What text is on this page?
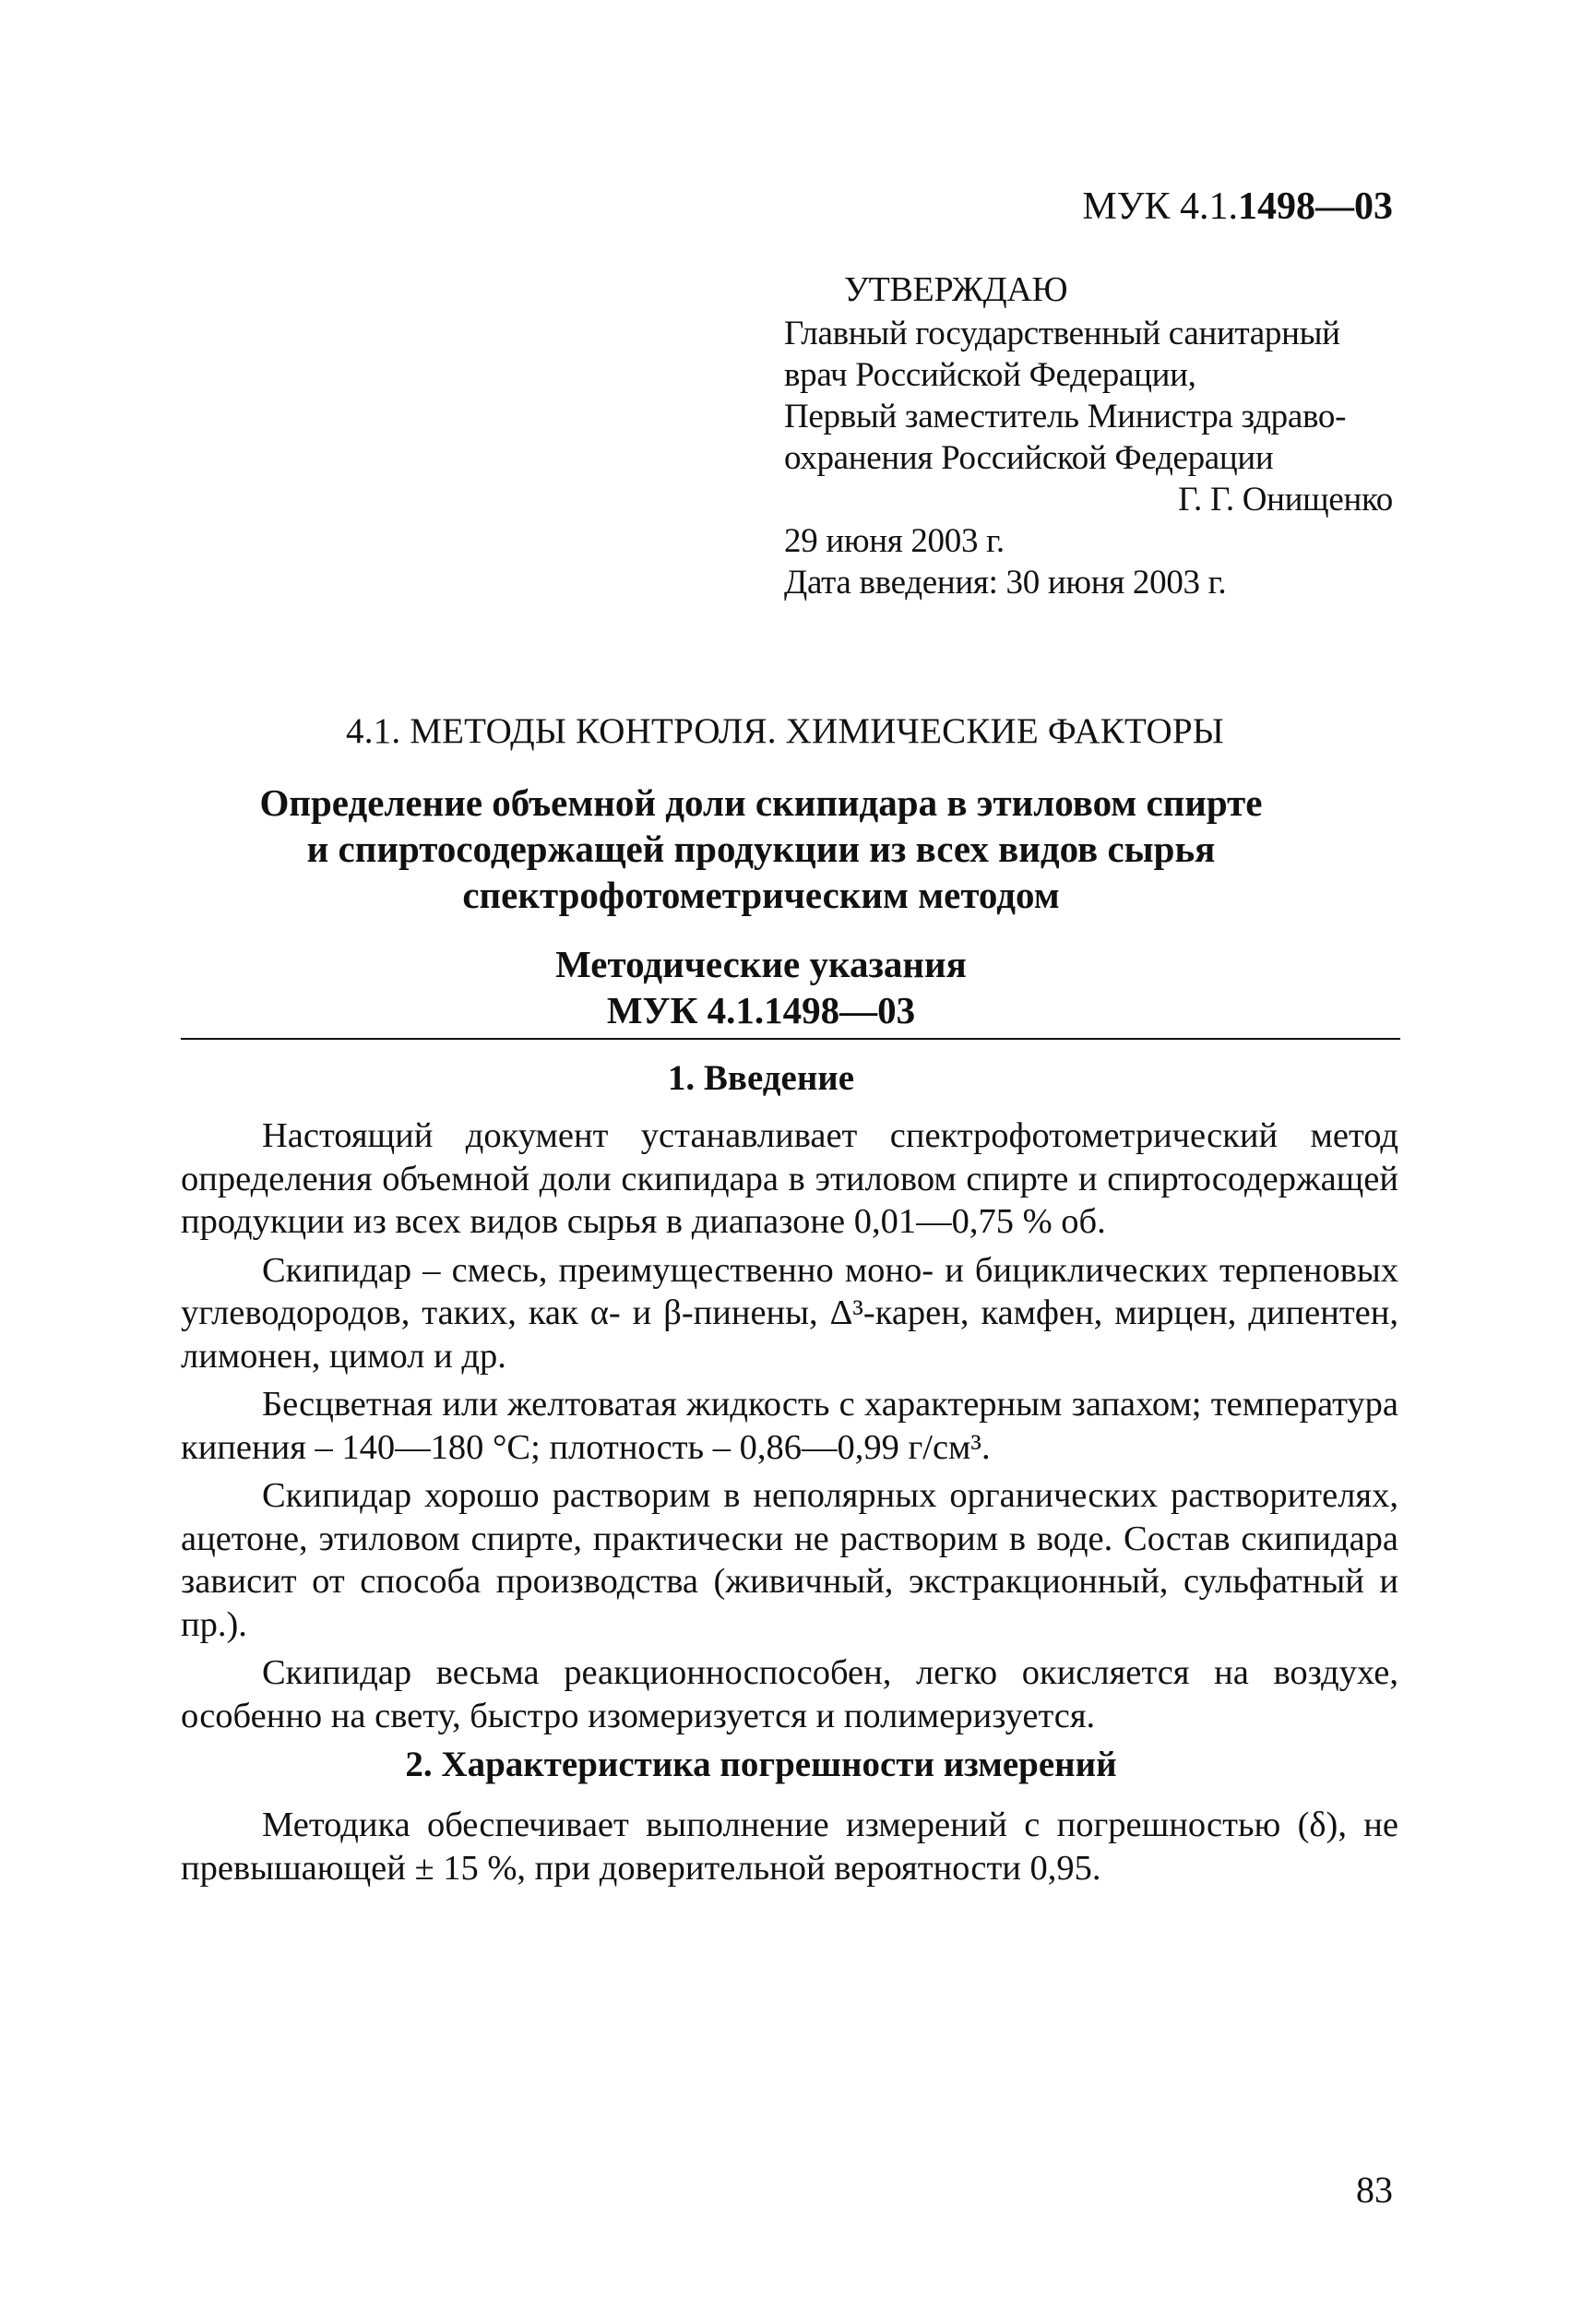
МУК 4.1.1498—03
УТВЕРЖДАЮ
Главный государственный санитарный
врач Российской Федерации,
Первый заместитель Министра здраво-
охранения Российской Федерации
Г. Г. Онищенко
29 июня 2003 г.
Дата введения: 30 июня 2003 г.
4.1. МЕТОДЫ КОНТРОЛЯ. ХИМИЧЕСКИЕ ФАКТОРЫ
Определение объемной доли скипидара в этиловом спирте
и спиртосодержащей продукции из всех видов сырья
спектрофотометрическим методом
Методические указания
МУК 4.1.1498—03
1. Введение

Настоящий документ устанавливает спектрофотометрический метод определения объемной доли скипидара в этиловом спирте и спиртосодержащей продукции из всех видов сырья в диапазоне 0,01—0,75 % об.

Скипидар – смесь, преимущественно моно- и бициклических терпеновых углеводородов, таких, как α- и β-пинены, Δ³-карен, камфен, мирцен, дипентен, лимонен, цимол и др.

Бесцветная или желтоватая жидкость с характерным запахом; температура кипения – 140—180 °С; плотность – 0,86—0,99 г/см³.

Скипидар хорошо растворим в неполярных органических растворителях, ацетоне, этиловом спирте, практически не растворим в воде. Состав скипидара зависит от способа производства (живичный, экстракционный, сульфатный и пр.).

Скипидар весьма реакционноспособен, легко окисляется на воздухе, особенно на свету, быстро изомеризуется и полимеризуется.

2. Характеристика погрешности измерений

Методика обеспечивает выполнение измерений с погрешностью (δ), не превышающей ± 15 %, при доверительной вероятности 0,95.

83
